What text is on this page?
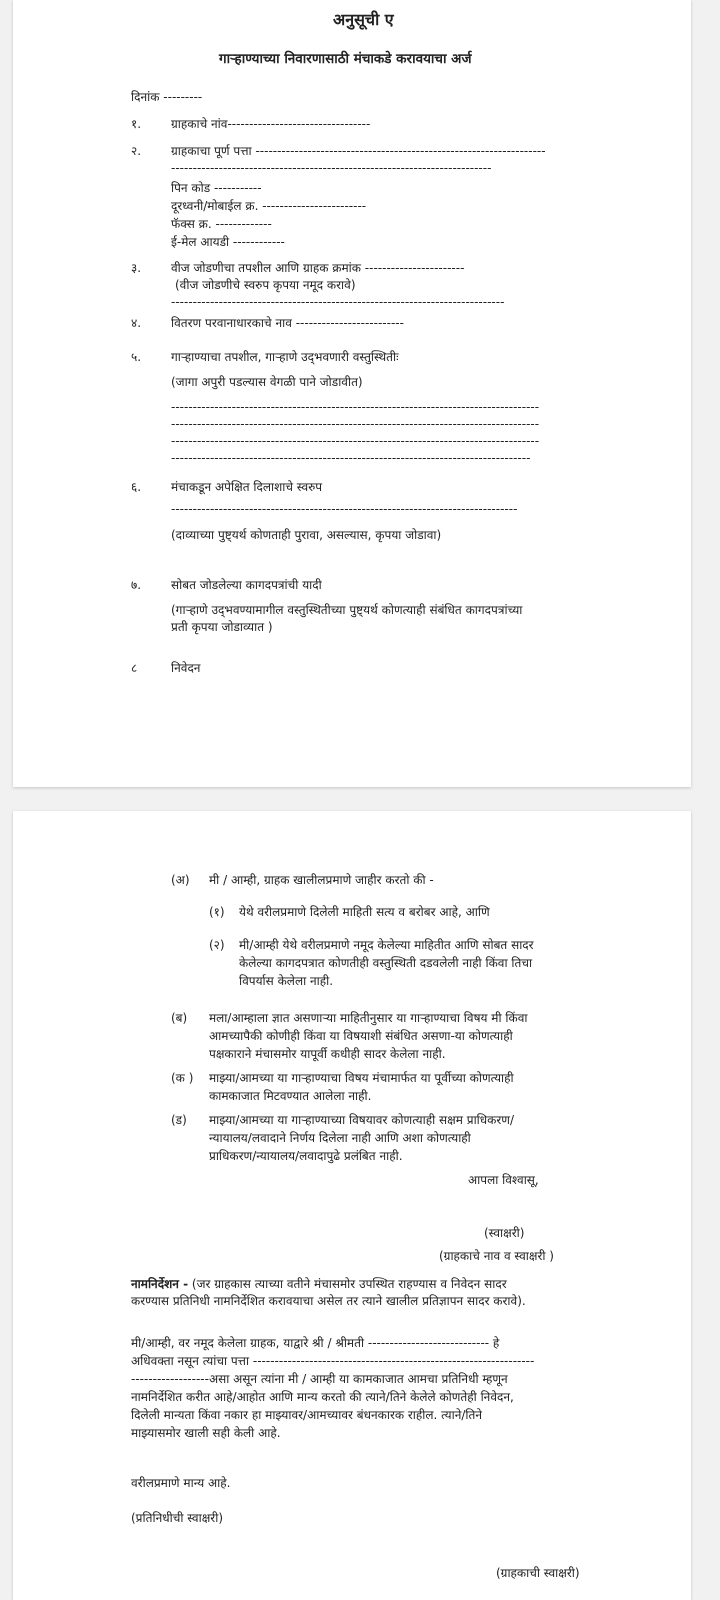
अनुसूची ए
गाऱ्हाण्याच्या निवारणासाठी मंचाकडे करावयाचा अर्ज
दिनांक ---------
१. ग्राहकाचे नांव---------------------------------
२. ग्राहकाचा पूर्ण पत्ता -------------------------------------------------------------------
--------------------------------------------------------------------------
पिन कोड -----------
दूरध्वनी/मोबाईल क्र. ------------------------
फॅक्स क्र. -------------
ई-मेल आयडी ------------
३. वीज जोडणीचा तपशील आणि ग्राहक क्रमांक -----------------------
(वीज जोडणीचे स्वरुप कृपया नमूद करावे)
-----------------------------------------------------------------------------
४. वितरण परवानाधारकाचे नाव -------------------------
५. गाऱ्हाण्याचा तपशील, गाऱ्हाणे उद्‌भवणारी वस्तुस्थितीः
(जागा अपुरी पडल्यास वेगळी पाने जोडावीत)
-------------------------------------------------------------------------------------
-------------------------------------------------------------------------------------
-------------------------------------------------------------------------------------
-----------------------------------------------------------------------------------
६. मंचाकडून अपेक्षित दिलाशाचे स्वरुप
--------------------------------------------------------------------------------
(दाव्याच्या पुष्ट्यर्थ कोणताही पुरावा, असल्यास, कृपया जोडावा)
७. सोबत जोडलेल्या कागदपत्रांची यादी
(गाऱ्हाणे उद्‌भवण्यामागील वस्तुस्थितीच्या पुष्ट्यर्थ कोणत्याही संबंधित कागदपत्रांच्या
प्रती कृपया जोडाव्यात )
८	निवेदन
(अ) मी / आम्ही, ग्राहक खालीलप्रमाणे जाहीर करतो की -
(१) येथे वरीलप्रमाणे दिलेली माहिती सत्य व बरोबर आहे, आणि
(२) मी/आम्ही येथे वरीलप्रमाणे नमूद केलेल्या माहितीत आणि सोबत सादर
केलेल्या कागदपत्रात कोणतीही वस्तुस्थिती दडवलेली नाही किंवा तिचा
विपर्यास केलेला नाही.
(ब) मला/आम्हाला ज्ञात असणाऱ्या माहितीनुसार या गाऱ्हाण्याचा विषय मी किंवा
आमच्यापैकी कोणीही किंवा या विषयाशी संबंधित असणा-या कोणत्याही
पक्षकाराने मंचासमोर यापूर्वी कधीही सादर केलेला नाही.
(क ) माझ्या/आमच्या या गाऱ्हाण्याचा विषय मंचामार्फत या पूर्वीच्या कोणत्याही
कामकाजात मिटवण्यात आलेला नाही.
(ड) माझ्या/आमच्या या गाऱ्हाण्याच्या विषयावर कोणत्याही सक्षम प्राधिकरण/
न्यायालय/लवादाने निर्णय दिलेला नाही आणि अशा कोणत्याही
प्राधिकरण/न्यायालय/लवादापुढे प्रलंबित नाही.
आपला विश्वासू,
(स्वाक्षरी)
(ग्राहकाचे नाव व स्वाक्षरी )
नामनिर्देशन - (जर ग्राहकास त्याच्या वतीने मंचासमोर उपस्थित राहण्यास व निवेदन सादर
करण्यास प्रतिनिधी नामनिर्देशित करावयाचा असेल तर त्याने खालील प्रतिज्ञापन सादर करावे).
मी/आम्ही, वर नमूद केलेला ग्राहक, याद्वारे श्री / श्रीमती ---------------------------- हे
अधिवक्ता नसून त्यांचा पत्ता -----------------------------------------------------------------
------------------असा असून त्यांना मी / आम्ही या कामकाजात आमचा प्रतिनिधी म्हणून
नामनिर्देशित करीत आहे/आहोत आणि मान्य करतो की त्याने/तिने केलेले कोणतेही निवेदन,
दिलेली मान्यता किंवा नकार हा माझ्यावर/आमच्यावर बंधनकारक राहील. त्याने/तिने
माझ्यासमोर खाली सही केली आहे.
वरीलप्रमाणे मान्य आहे.
(प्रतिनिधीची स्वाक्षरी)
(ग्राहकाची स्वाक्षरी)
